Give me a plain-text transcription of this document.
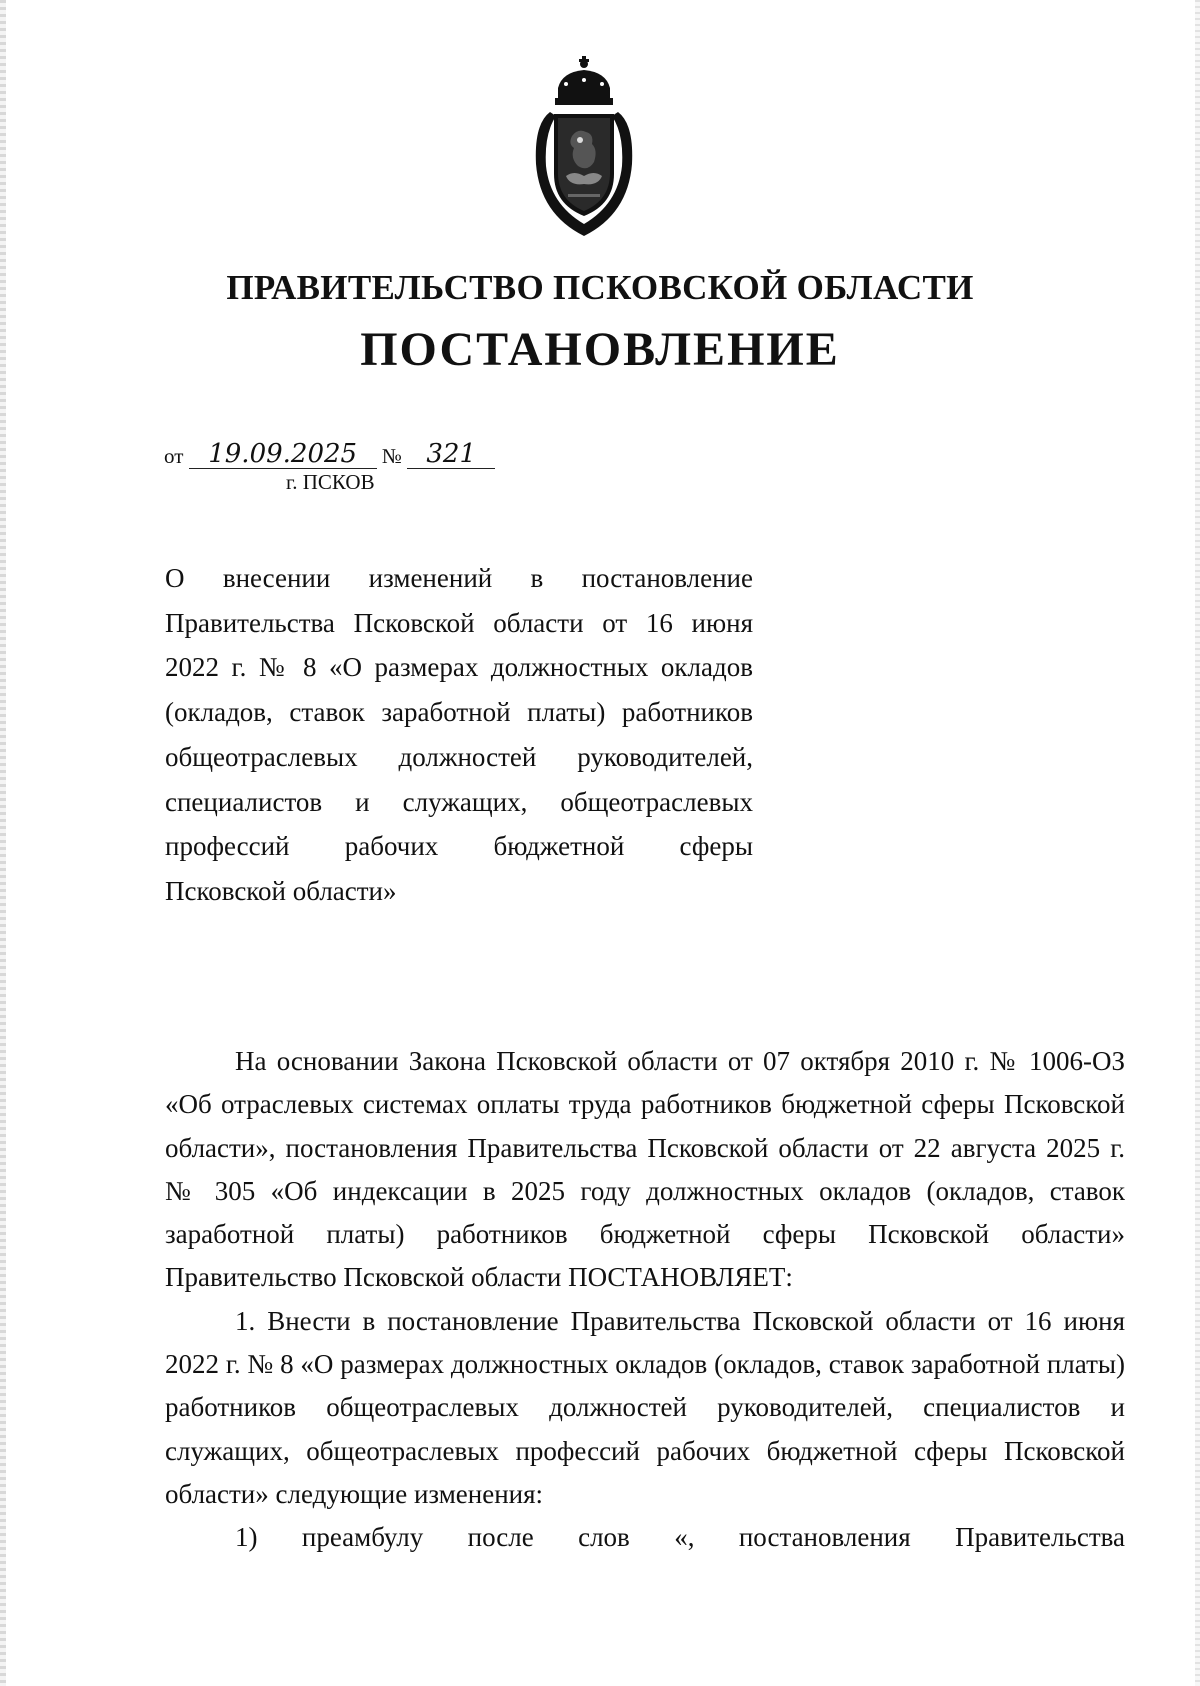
ПРАВИТЕЛЬСТВО ПСКОВСКОЙ ОБЛАСТИ
ПОСТАНОВЛЕНИЕ
от 19.09.2025 № 321
г. ПСКОВ
О внесении изменений в постановление Правительства Псковской области от 16 июня 2022 г. № 8 «О размерах должностных окладов (окладов, ставок заработной платы) работников общеотраслевых должностей руководителей, специалистов и служащих, общеотраслевых профессий рабочих бюджетной сферы
Псковской области»

На основании Закона Псковской области от 07 октября 2010 г. № 1006-ОЗ «Об отраслевых системах оплаты труда работников бюджетной сферы Псковской области», постановления Правительства Псковской области от 22 августа 2025 г. № 305 «Об индексации в 2025 году должностных окладов (окладов, ставок заработной платы) работников бюджетной сферы Псковской области» Правительство Псковской области ПОСТАНОВЛЯЕТ:

1. Внести в постановление Правительства Псковской области от 16 июня 2022 г. № 8 «О размерах должностных окладов (окладов, ставок заработной платы) работников общеотраслевых должностей руководителей, специалистов и служащих, общеотраслевых профессий рабочих бюджетной сферы Псковской области» следующие изменения:

1) преамбулу после слов «, постановления Правительства
